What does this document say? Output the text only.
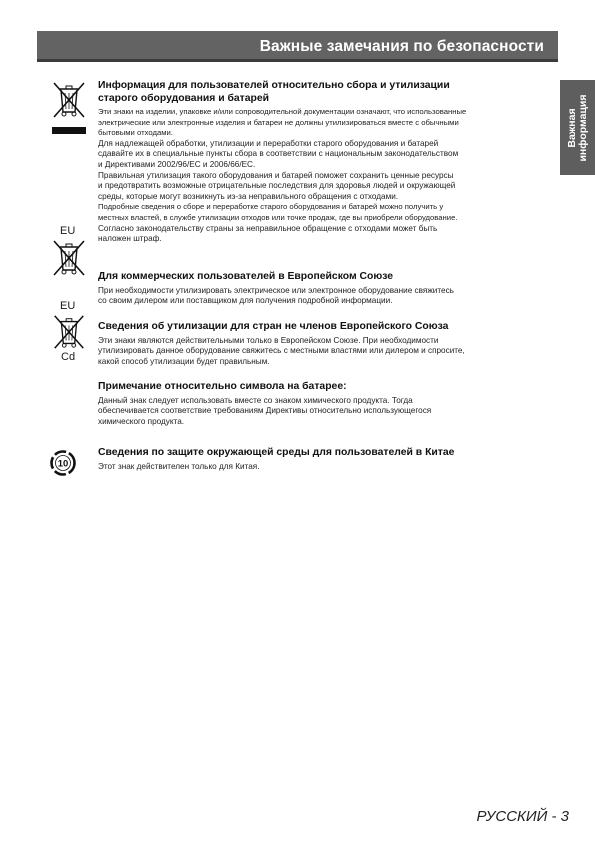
Важные замечания по безопасности
Важная информация
EU
EU
Cd
10
Информация для пользователей относительно сбора и утилизации
старого оборудования и батарей

Эти знаки на изделии, упаковке и/или сопроводительной документации означают, что использованные
электрические или электронные изделия и батареи не должны утилизироваться вместе с обычными
бытовыми отходами.

Для надлежащей обработки, утилизации и переработки старого оборудования и батарей
сдавайте их в специальные пункты сбора в соответствии с национальным законодательством
и Директивами 2002/96/EC и 2006/66/EC.

Правильная утилизация такого оборудования и батарей поможет сохранить ценные ресурсы
и предотвратить возможные отрицательные последствия для здоровья людей и окружающей
среды, которые могут возникнуть из-за неправильного обращения с отходами.

Подробные сведения о сборе и переработке старого оборудования и батарей можно получить у
местных властей, в службе утилизации отходов или точке продаж, где вы приобрели оборудование.

Согласно законодательству страны за неправильное обращение с отходами может быть
наложен штраф.

Для коммерческих пользователей в Европейском Союзе

При необходимости утилизировать электрическое или электронное оборудование свяжитесь
со своим дилером или поставщиком для получения подробной информации.

Сведения об утилизации для стран не членов Европейского Союза

Эти знаки являются действительными только в Европейском Союзе. При необходимости
утилизировать данное оборудование свяжитесь с местными властями или дилером и спросите,
какой способ утилизации будет правильным.

Примечание относительно символа на батарее:

Данный знак следует использовать вместе со знаком химического продукта. Тогда
обеспечивается соответствие требованиям Директивы относительно использующегося
химического продукта.

Сведения по защите окружающей среды для пользователей в Китае

Этот знак действителен только для Китая.

РУССКИЙ - 3
